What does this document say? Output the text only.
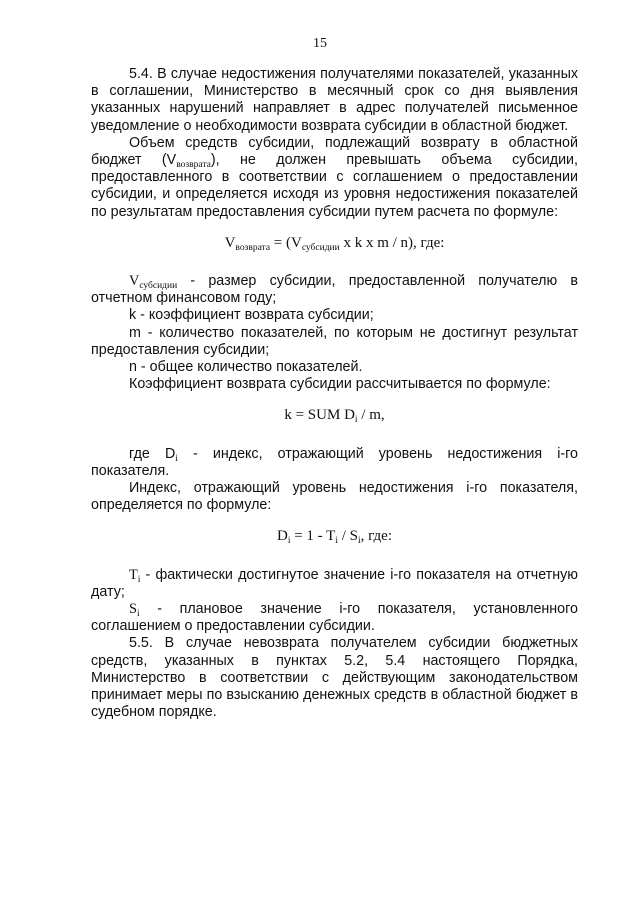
15

5.4. В случае недостижения получателями показателей, указанных в соглашении, Министерство в месячный срок со дня выявления указанных нарушений направляет в адрес получателей письменное уведомление о необходимости возврата субсидии в областной бюджет.

Объем средств субсидии, подлежащий возврату в областной бюджет $(V_{возврата})$, не должен превышать объема субсидии, предоставленного в соответствии с соглашением о предоставлении субсидии, и определяется исходя из уровня недостижения показателей по результатам предоставления субсидии путем расчета по формуле:

$V_{возврата} = (V_{субсидии}$ x k x m / n), где:

$V_{субсидии}$ - размер субсидии, предоставленной получателю в отчетном финансовом году;

k - коэффициент возврата субсидии;

m - количество показателей, по которым не достигнут результат предоставления субсидии;

n - общее количество показателей.

Коэффициент возврата субсидии рассчитывается по формуле:

k = SUM $D_i$ / m,

где $D_i$ - индекс, отражающий уровень недостижения i-го показателя.

Индекс, отражающий уровень недостижения i-го показателя, определяется по формуле:

$D_i = 1 - T_i / S_i$, где:

$T_i$ - фактически достигнутое значение i-го показателя на отчетную дату;

$S_i$ - плановое значение i-го показателя, установленного соглашением о предоставлении субсидии.

5.5. В случае невозврата получателем субсидии бюджетных средств, указанных в пунктах 5.2, 5.4 настоящего Порядка, Министерство в соответствии с действующим законодательством принимает меры по взысканию денежных средств в областной бюджет в судебном порядке.
